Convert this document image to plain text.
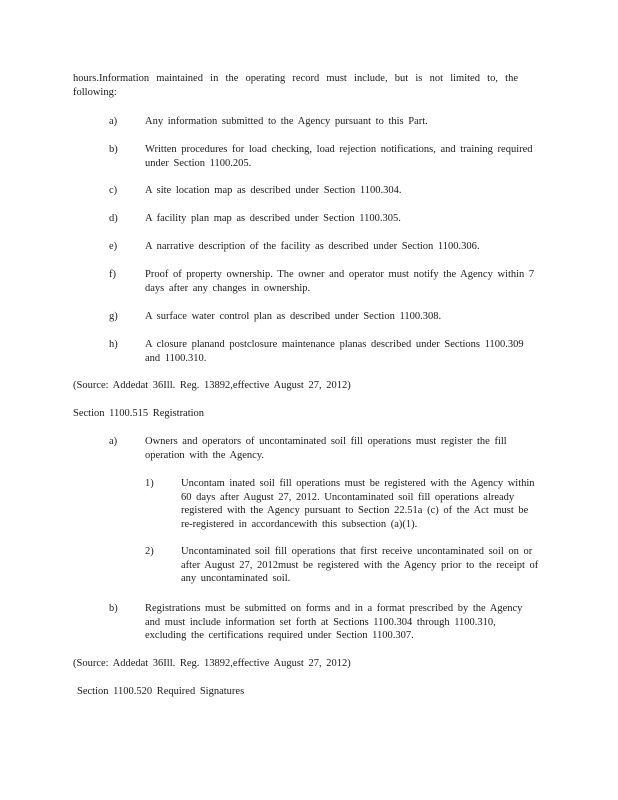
hours.Information maintained in the operating record must include, but is not limited to, the following:
a)	Any information submitted to the Agency pursuant to this Part.
b)	Written procedures for load checking, load rejection notifications, and training required under Section 1100.205.
c)	A site location map as described under Section 1100.304.
d)	A facility plan map as described under Section 1100.305.
e)	A narrative description of the facility as described under Section 1100.306.
f)	Proof of property ownership. The owner and operator must notify the Agency within 7 days after any changes in ownership.
g)	A surface water control plan as described under Section 1100.308.
h)	A closure planand postclosure maintenance planas described under Sections 1100.309 and 1100.310.
(Source: Addedat 36Ill. Reg. 13892,effective August 27, 2012)
Section 1100.515 Registration
a)	Owners and operators of uncontaminated soil fill operations must register the fill operation with the Agency.
1)	Uncontam inated soil fill operations must be registered with the Agency within 60 days after August 27, 2012. Uncontaminated soil fill operations already registered with the Agency pursuant to Section 22.51a (c) of the Act must be re-registered in accordancewith this subsection (a)(1).
2)	Uncontaminated soil fill operations that first receive uncontaminated soil on or after August 27, 2012must be registered with the Agency prior to the receipt of any uncontaminated soil.
b)	Registrations must be submitted on forms and in a format prescribed by the Agency and must include information set forth at Sections 1100.304 through 1100.310, excluding the certifications required under Section 1100.307.
(Source: Addedat 36Ill. Reg. 13892,effective August 27, 2012)
Section 1100.520 Required Signatures
